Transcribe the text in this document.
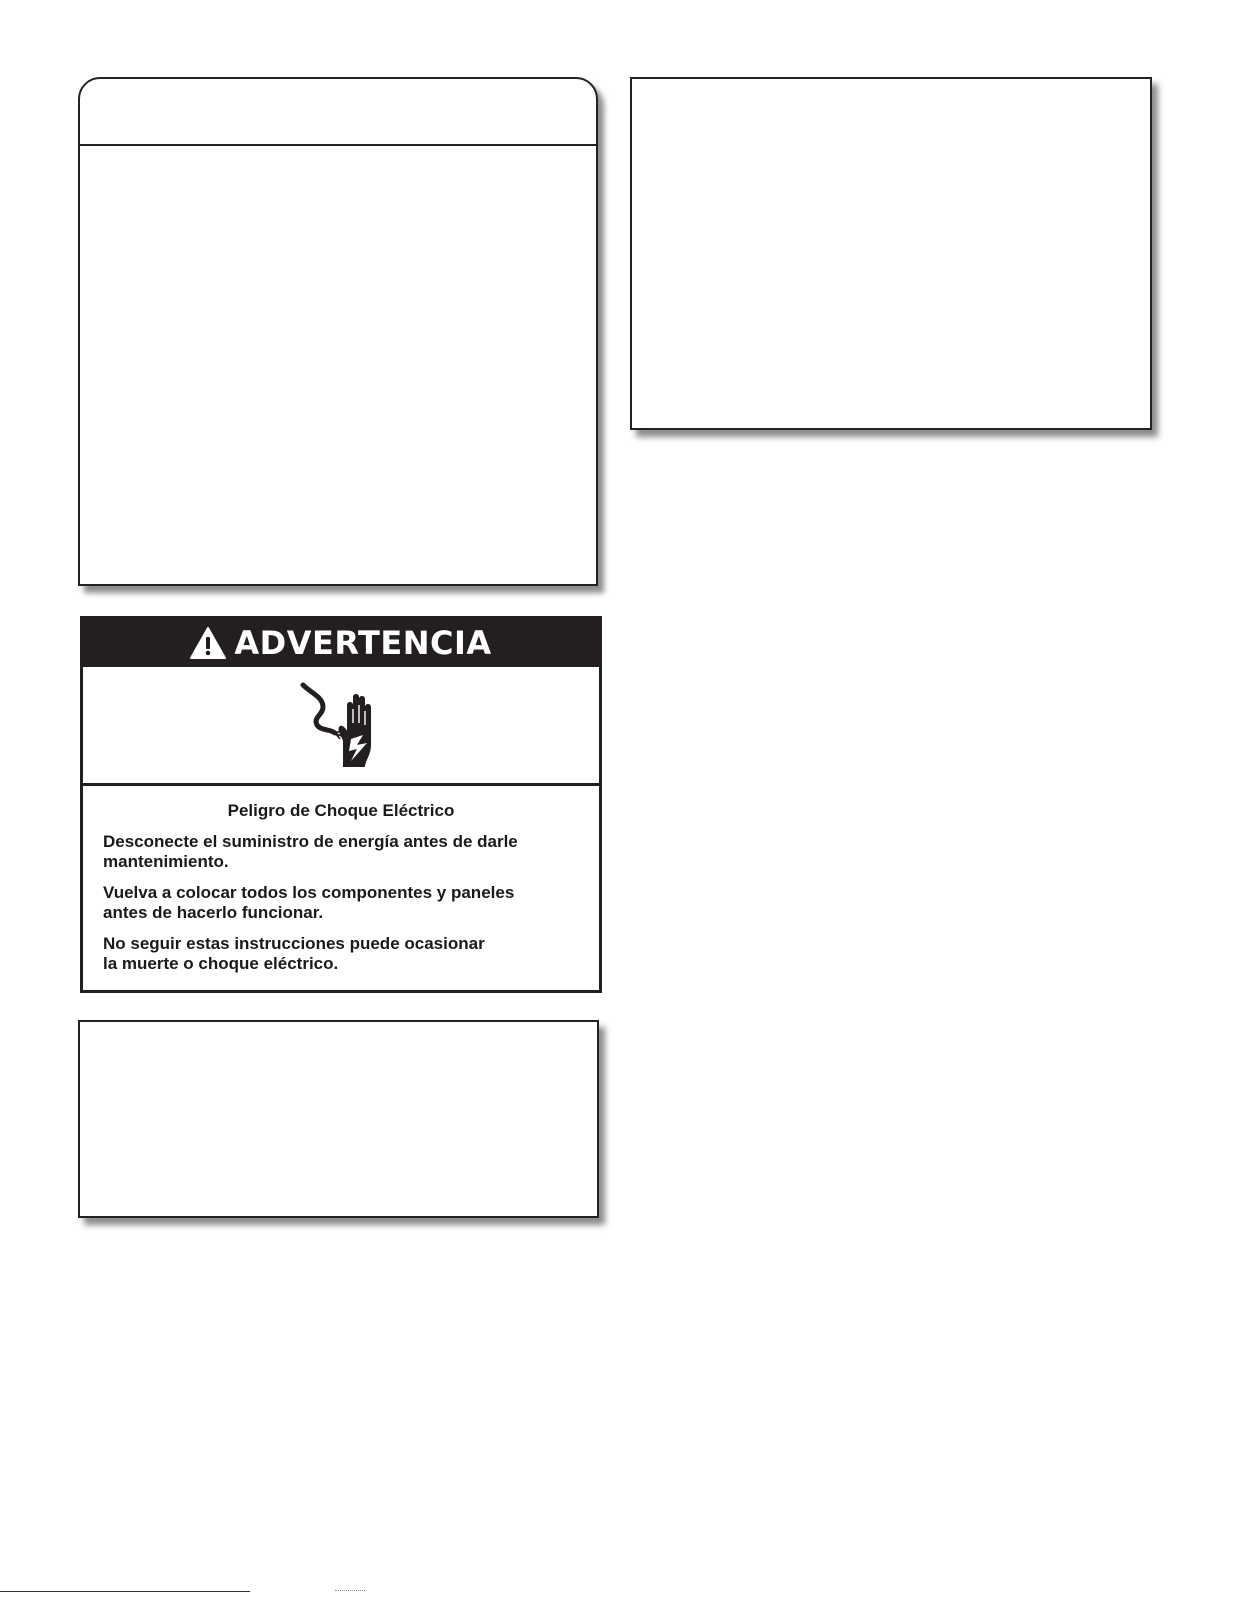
ADVERTENCIA
Peligro de Choque Eléctrico

Desconecte el suministro de energía antes de darle
mantenimiento.

Vuelva a colocar todos los componentes y paneles
antes de hacerlo funcionar.

No seguir estas instrucciones puede ocasionar
la muerte o choque eléctrico.
